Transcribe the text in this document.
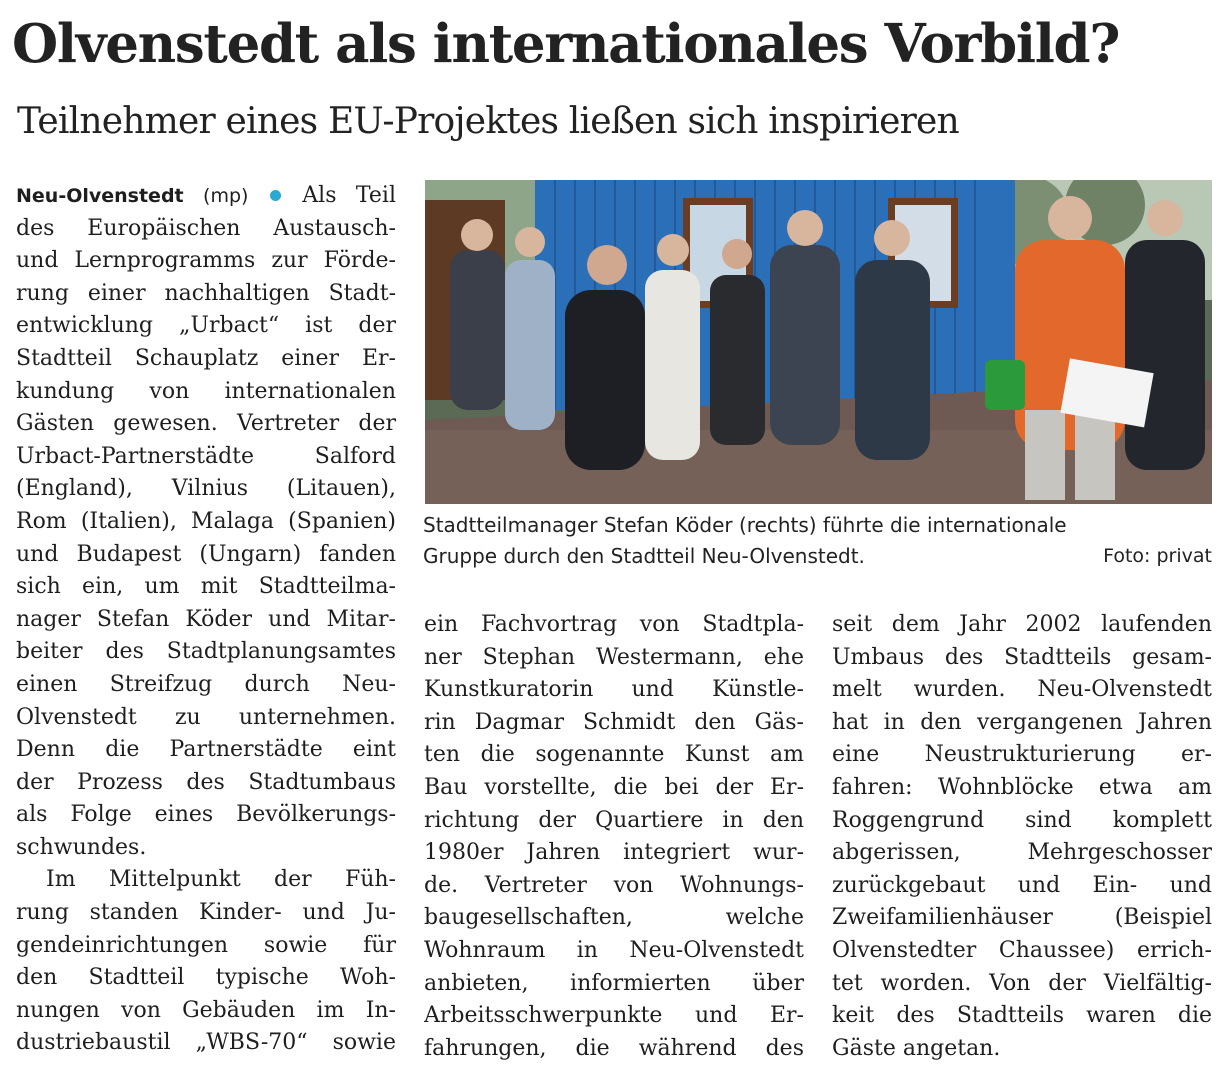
Olvenstedt als internationales Vorbild?
Teilnehmer eines EU-Projektes ließen sich inspirieren
Neu-Olvenstedt (mp) Als Teil
des Europäischen Austausch-
und Lernprogramms zur Förde-
rung einer nachhaltigen Stadt-
entwicklung „Urbact“ ist der
Stadtteil Schauplatz einer Er-
kundung von internationalen
Gästen gewesen. Vertreter der
Urbact-Partnerstädte Salford
(England), Vilnius (Litauen),
Rom (Italien), Malaga (Spanien)
und Budapest (Ungarn) fanden
sich ein, um mit Stadtteilma-
nager Stefan Köder und Mitar-
beiter des Stadtplanungsamtes
einen Streifzug durch Neu-
Olvenstedt zu unternehmen.
Denn die Partnerstädte eint
der Prozess des Stadtumbaus
als Folge eines Bevölkerungs-
schwundes.
Im Mittelpunkt der Füh-
rung standen Kinder- und Ju-
gendeinrichtungen sowie für
den Stadtteil typische Woh-
nungen von Gebäuden im In-
dustriebaustil „WBS-70“ sowie
Stadtteilmanager Stefan Köder (rechts) führte die internationale
Gruppe durch den Stadtteil Neu-Olvenstedt.	Foto: privat
ein Fachvortrag von Stadtpla-
ner Stephan Westermann, ehe
Kunstkuratorin und Künstle-
rin Dagmar Schmidt den Gäs-
ten die sogenannte Kunst am
Bau vorstellte, die bei der Er-
richtung der Quartiere in den
1980er Jahren integriert wur-
de. Vertreter von Wohnungs-
baugesellschaften, welche
Wohnraum in Neu-Olvenstedt
anbieten, informierten über
Arbeitsschwerpunkte und Er-
fahrungen, die während des
seit dem Jahr 2002 laufenden
Umbaus des Stadtteils gesam-
melt wurden. Neu-Olvenstedt
hat in den vergangenen Jahren
eine Neustrukturierung er-
fahren: Wohnblöcke etwa am
Roggengrund sind komplett
abgerissen, Mehrgeschosser
zurückgebaut und Ein- und
Zweifamilienhäuser (Beispiel
Olvenstedter Chaussee) errich-
tet worden. Von der Vielfältig-
keit des Stadtteils waren die
Gäste angetan.
